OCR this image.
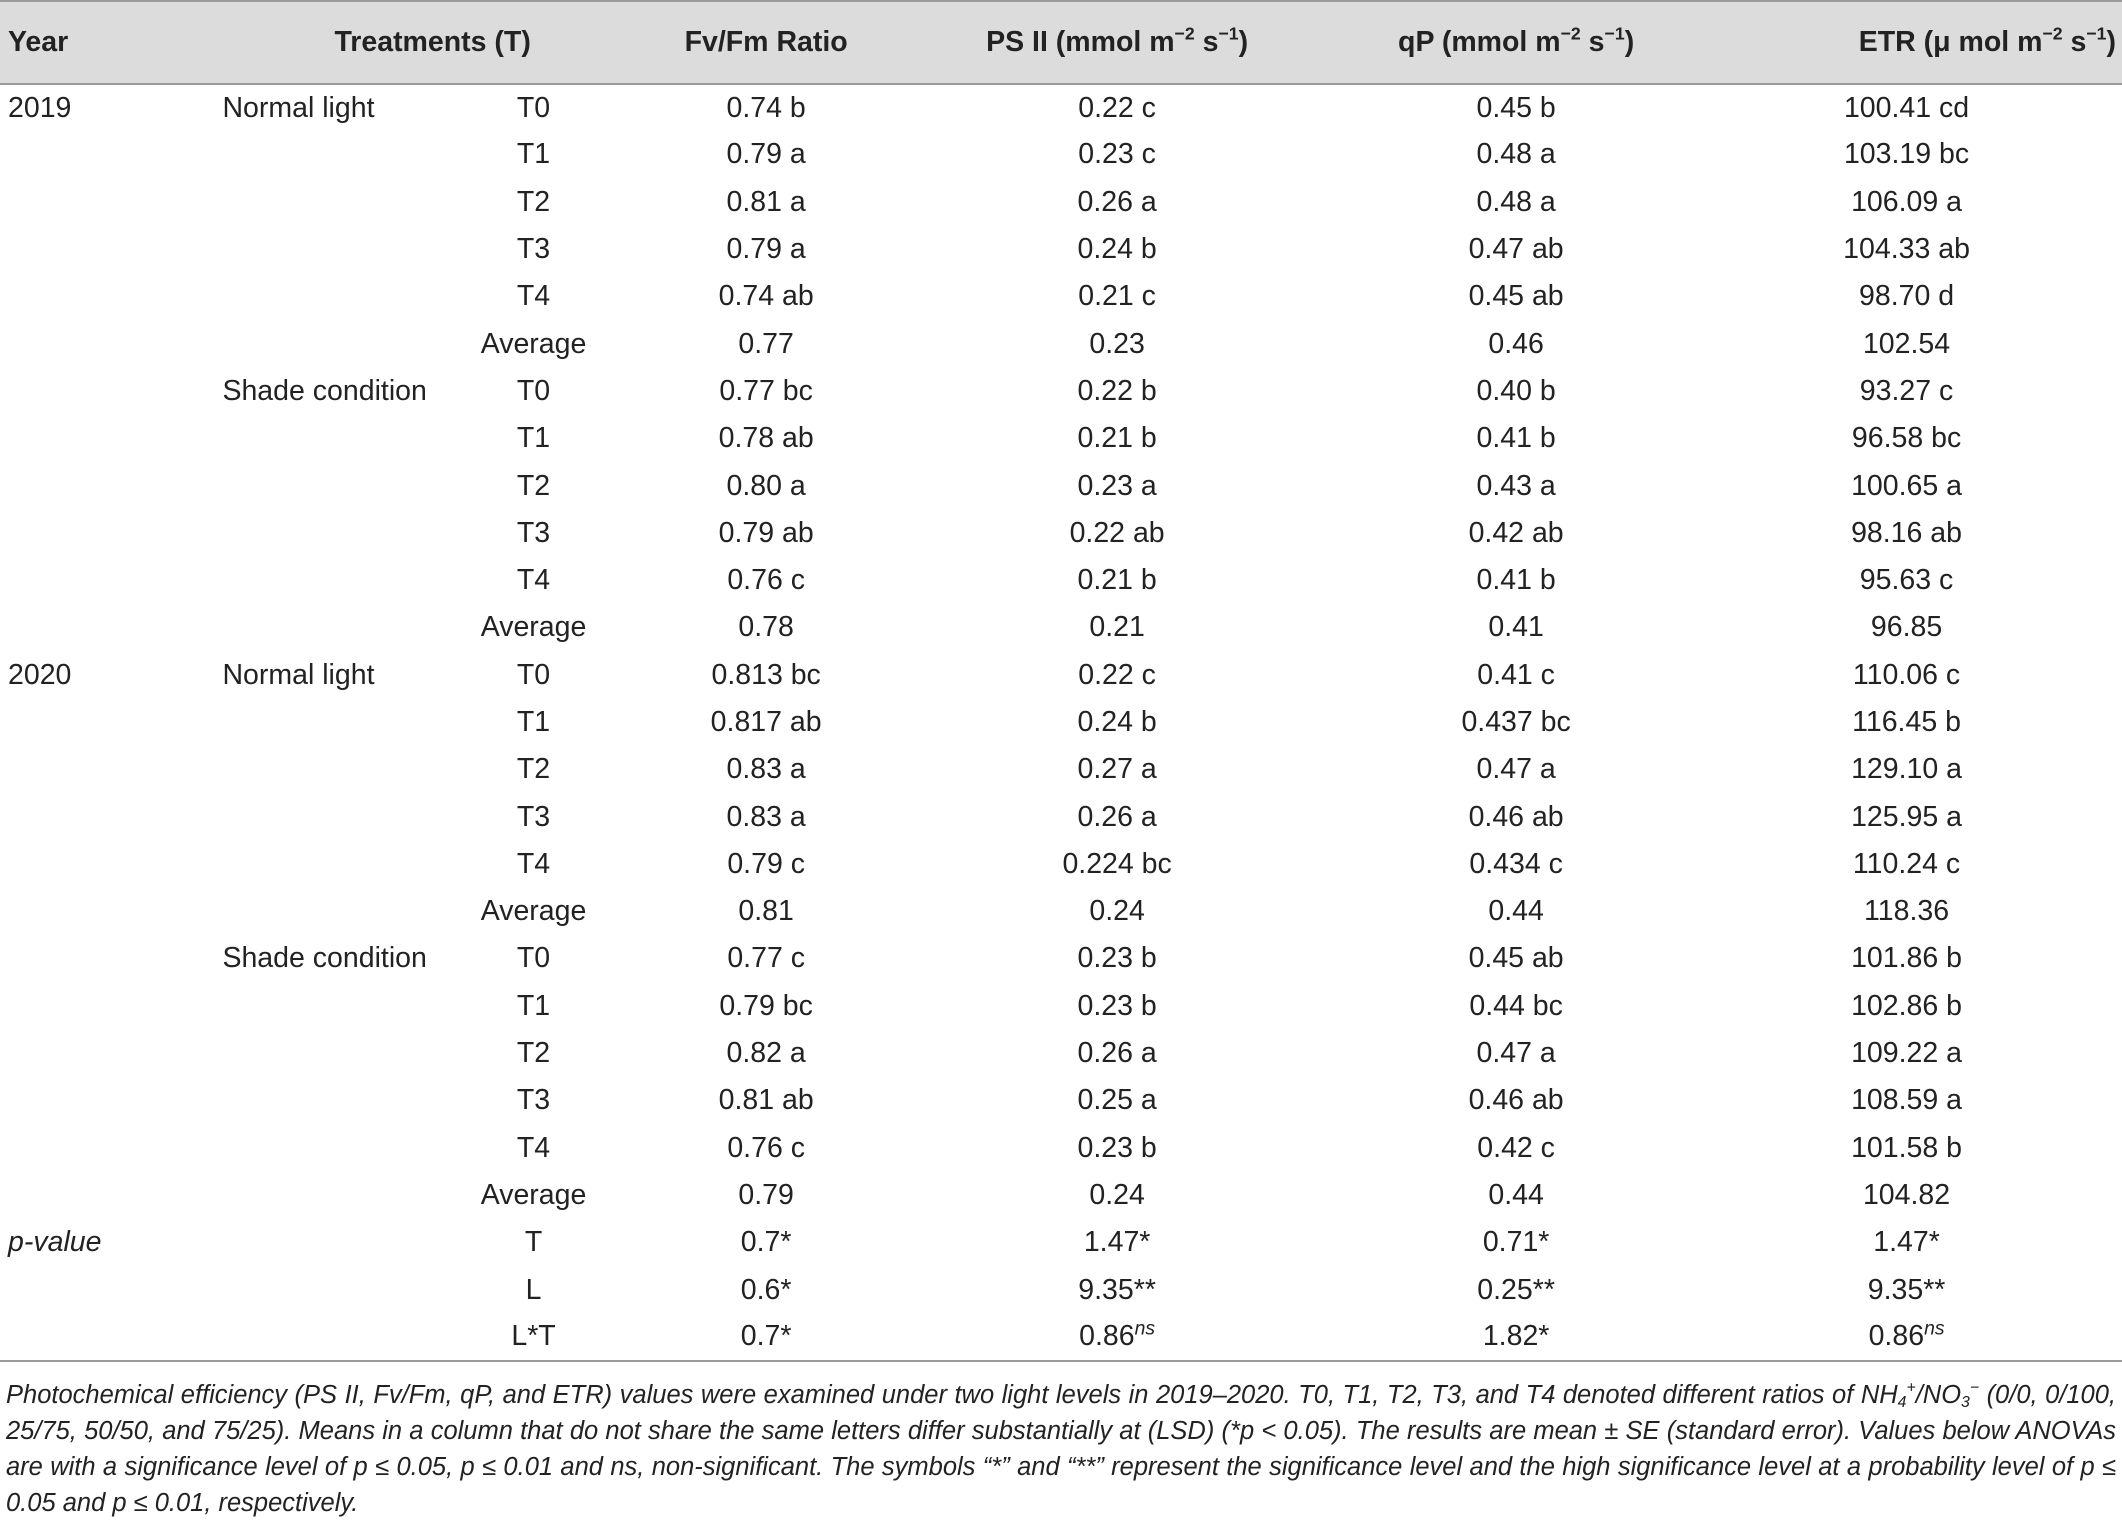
Year	Treatments (T)		Fv/Fm Ratio	PS II (mmol $m^{-2}$ $s^{-1}$)	qP (mmol $m^{-2}$ $s^{-1}$)	ETR (μ mol $m^{-2}$ $s^{-1}$)
2019	Normal light	T0	0.74 b	0.22 c	0.45 b	100.41 cd
		T1	0.79 a	0.23 c	0.48 a	103.19 bc
		T2	0.81 a	0.26 a	0.48 a	106.09 a
		T3	0.79 a	0.24 b	0.47 ab	104.33 ab
		T4	0.74 ab	0.21 c	0.45 ab	98.70 d
		Average	0.77	0.23	0.46	102.54
	Shade condition	T0	0.77 bc	0.22 b	0.40 b	93.27 c
		T1	0.78 ab	0.21 b	0.41 b	96.58 bc
		T2	0.80 a	0.23 a	0.43 a	100.65 a
		T3	0.79 ab	0.22 ab	0.42 ab	98.16 ab
		T4	0.76 c	0.21 b	0.41 b	95.63 c
		Average	0.78	0.21	0.41	96.85
2020	Normal light	T0	0.813 bc	0.22 c	0.41 c	110.06 c
		T1	0.817 ab	0.24 b	0.437 bc	116.45 b
		T2	0.83 a	0.27 a	0.47 a	129.10 a
		T3	0.83 a	0.26 a	0.46 ab	125.95 a
		T4	0.79 c	0.224 bc	0.434 c	110.24 c
		Average	0.81	0.24	0.44	118.36
	Shade condition	T0	0.77 c	0.23 b	0.45 ab	101.86 b
		T1	0.79 bc	0.23 b	0.44 bc	102.86 b
		T2	0.82 a	0.26 a	0.47 a	109.22 a
		T3	0.81 ab	0.25 a	0.46 ab	108.59 a
		T4	0.76 c	0.23 b	0.42 c	101.58 b
		Average	0.79	0.24	0.44	104.82
p-value		T	0.7*	1.47*	0.71*	1.47*
		L	0.6*	9.35**	0.25**	9.35**
		L*T	0.7*	0.86$^{ns}$	1.82*	0.86$^{ns}$
Photochemical efficiency (PS II, Fv/Fm, qP, and ETR) values were examined under two light levels in 2019–2020. T0, T1, T2, T3, and T4 denoted different ratios of $NH_4^+/NO_3^-$ (0/0, 0/100, 25/75, 50/50, and 75/25). Means in a column that do not share the same letters differ substantially at (LSD) (*p < 0.05). The results are mean ± SE (standard error). Values below ANOVAs are with a significance level of p ≤ 0.05, p ≤ 0.01 and ns, non-significant. The symbols “*” and “**” represent the significance level and the high significance level at a probability level of p ≤ 0.05 and p ≤ 0.01, respectively.
